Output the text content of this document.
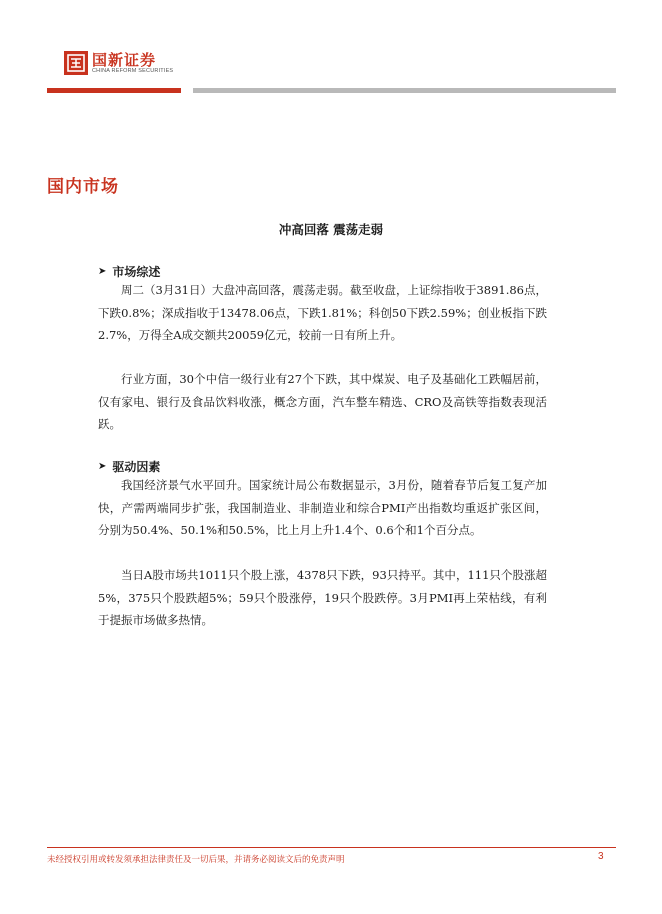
国新证券
CHINA REFORM SECURITIES
国内市场
冲高回落 震荡走弱
➤ 市场综述

周二（3月31日）大盘冲高回落，震荡走弱。截至收盘，上证综指收于3891.86点，下跌0.8%；深成指收于13478.06点，下跌1.81%；科创50下跌2.59%；创业板指下跌2.7%，万得全A成交额共20059亿元，较前一日有所上升。

行业方面，30个中信一级行业有27个下跌，其中煤炭、电子及基础化工跌幅居前，仅有家电、银行及食品饮料收涨，概念方面，汽车整车精选、CRO及高铁等指数表现活跃。

➤ 驱动因素

我国经济景气水平回升。国家统计局公布数据显示，3月份，随着春节后复工复产加快，产需两端同步扩张，我国制造业、非制造业和综合PMI产出指数均重返扩张区间，分别为50.4%、50.1%和50.5%，比上月上升1.4个、0.6个和1个百分点。

当日A股市场共1011只个股上涨，4378只下跌，93只持平。其中，111只个股涨超5%，375只个股跌超5%；59只个股涨停，19只个股跌停。3月PMI再上荣枯线，有利于提振市场做多热情。

未经授权引用或转发须承担法律责任及一切后果，并请务必阅读文后的免责声明	3
